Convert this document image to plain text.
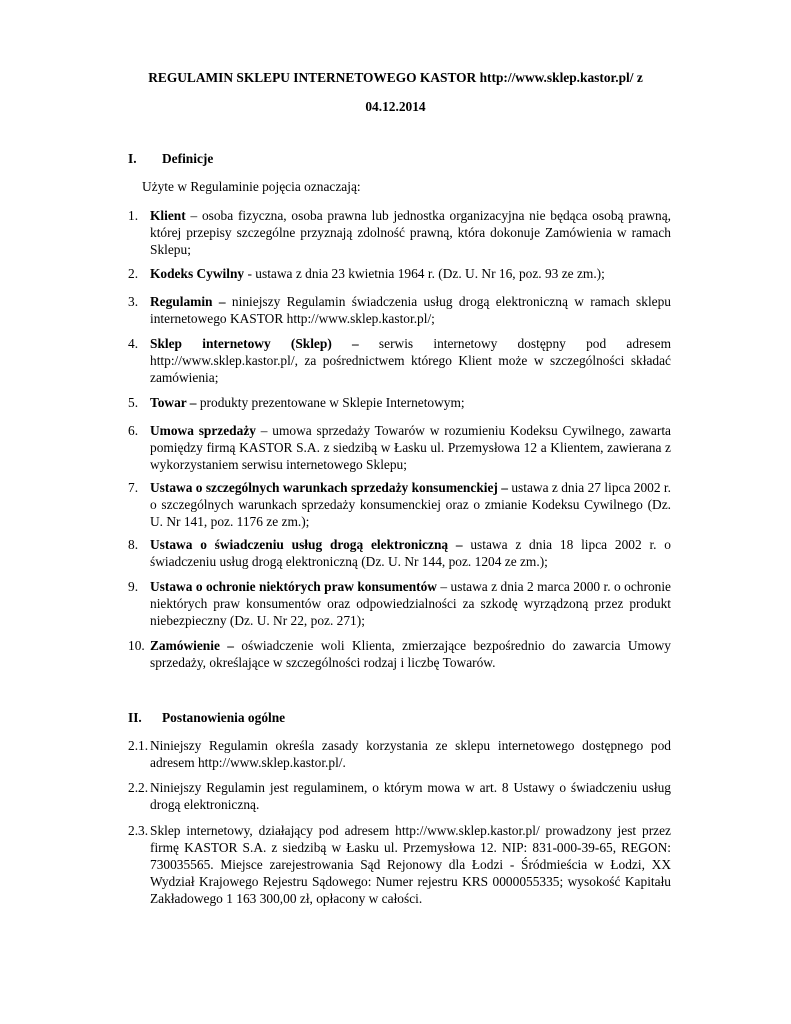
REGULAMIN SKLEPU INTERNETOWEGO KASTOR http://www.sklep.kastor.pl/ z
04.12.2014
I. Definicje
Użyte w Regulaminie pojęcia oznaczają:
1. Klient – osoba fizyczna, osoba prawna lub jednostka organizacyjna nie będąca osobą prawną, której przepisy szczególne przyznają zdolność prawną, która dokonuje Zamówienia w ramach Sklepu;
2. Kodeks Cywilny - ustawa z dnia 23 kwietnia 1964 r. (Dz. U. Nr 16, poz. 93 ze zm.);
3. Regulamin – niniejszy Regulamin świadczenia usług drogą elektroniczną w ramach sklepu internetowego KASTOR http://www.sklep.kastor.pl/;
4. Sklep internetowy (Sklep) – serwis internetowy dostępny pod adresem http://www.sklep.kastor.pl/, za pośrednictwem którego Klient może w szczególności składać zamówienia;
5. Towar – produkty prezentowane w Sklepie Internetowym;
6. Umowa sprzedaży – umowa sprzedaży Towarów w rozumieniu Kodeksu Cywilnego, zawarta pomiędzy firmą KASTOR S.A. z siedzibą w Łasku ul. Przemysłowa 12 a Klientem, zawierana z wykorzystaniem serwisu internetowego Sklepu;
7. Ustawa o szczególnych warunkach sprzedaży konsumenckiej – ustawa z dnia 27 lipca 2002 r. o szczególnych warunkach sprzedaży konsumenckiej oraz o zmianie Kodeksu Cywilnego (Dz. U. Nr 141, poz. 1176 ze zm.);
8. Ustawa o świadczeniu usług drogą elektroniczną – ustawa z dnia 18 lipca 2002 r. o świadczeniu usług drogą elektroniczną (Dz. U. Nr 144, poz. 1204 ze zm.);
9. Ustawa o ochronie niektórych praw konsumentów – ustawa z dnia 2 marca 2000 r. o ochronie niektórych praw konsumentów oraz odpowiedzialności za szkodę wyrządzoną przez produkt niebezpieczny (Dz. U. Nr 22, poz. 271);
10. Zamówienie – oświadczenie woli Klienta, zmierzające bezpośrednio do zawarcia Umowy sprzedaży, określające w szczególności rodzaj i liczbę Towarów.
II. Postanowienia ogólne
2.1. Niniejszy Regulamin określa zasady korzystania ze sklepu internetowego dostępnego pod adresem http://www.sklep.kastor.pl/.
2.2. Niniejszy Regulamin jest regulaminem, o którym mowa w art. 8 Ustawy o świadczeniu usług drogą elektroniczną.
2.3. Sklep internetowy, działający pod adresem http://www.sklep.kastor.pl/ prowadzony jest przez firmę KASTOR S.A. z siedzibą w Łasku ul. Przemysłowa 12. NIP: 831-000-39-65, REGON: 730035565. Miejsce zarejestrowania Sąd Rejonowy dla Łodzi - Śródmieścia w Łodzi, XX Wydział Krajowego Rejestru Sądowego: Numer rejestru KRS 0000055335; wysokość Kapitału Zakładowego 1 163 300,00 zł, opłacony w całości.
